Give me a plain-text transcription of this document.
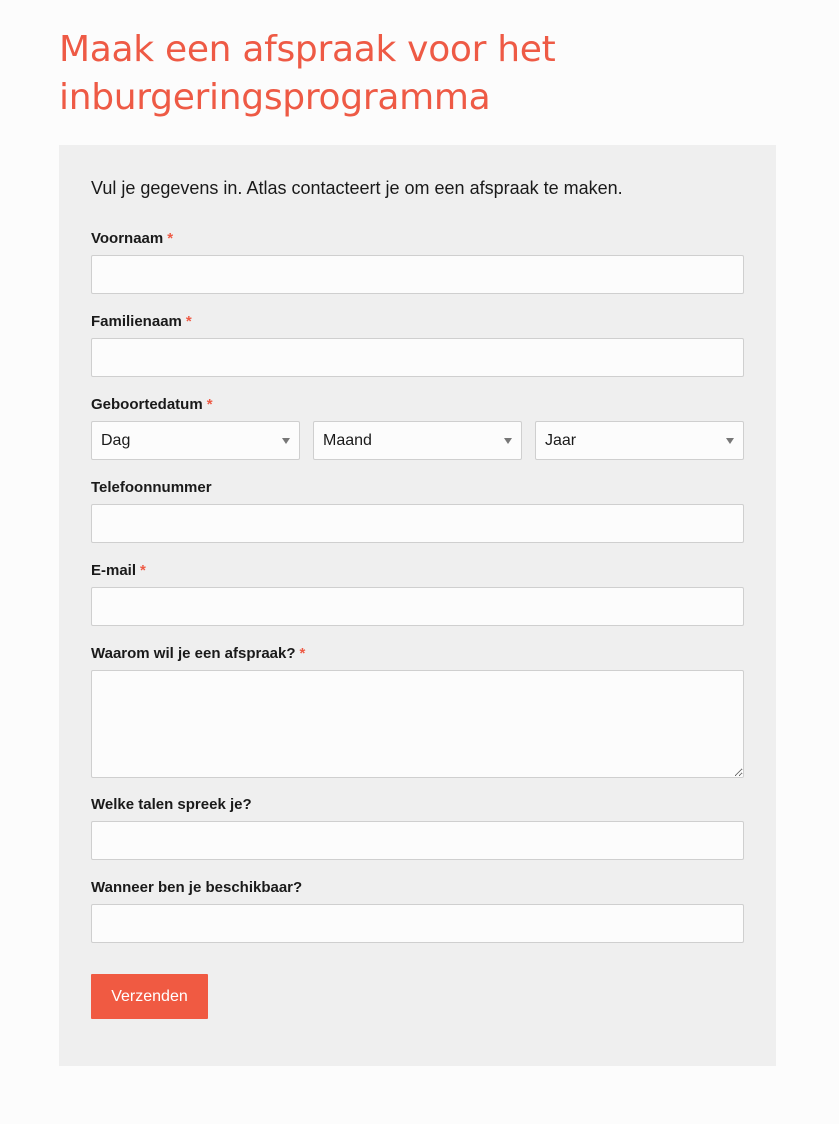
Maak een afspraak voor het inburgeringsprogramma

Vul je gegevens in. Atlas contacteert je om een afspraak te maken.

Voornaam *
Familienaam *
Geboortedatum *
Dag	Maand	Jaar
Telefoonnummer
E-mail *
Waarom wil je een afspraak? *
Welke talen spreek je?
Wanneer ben je beschikbaar?
Verzenden
